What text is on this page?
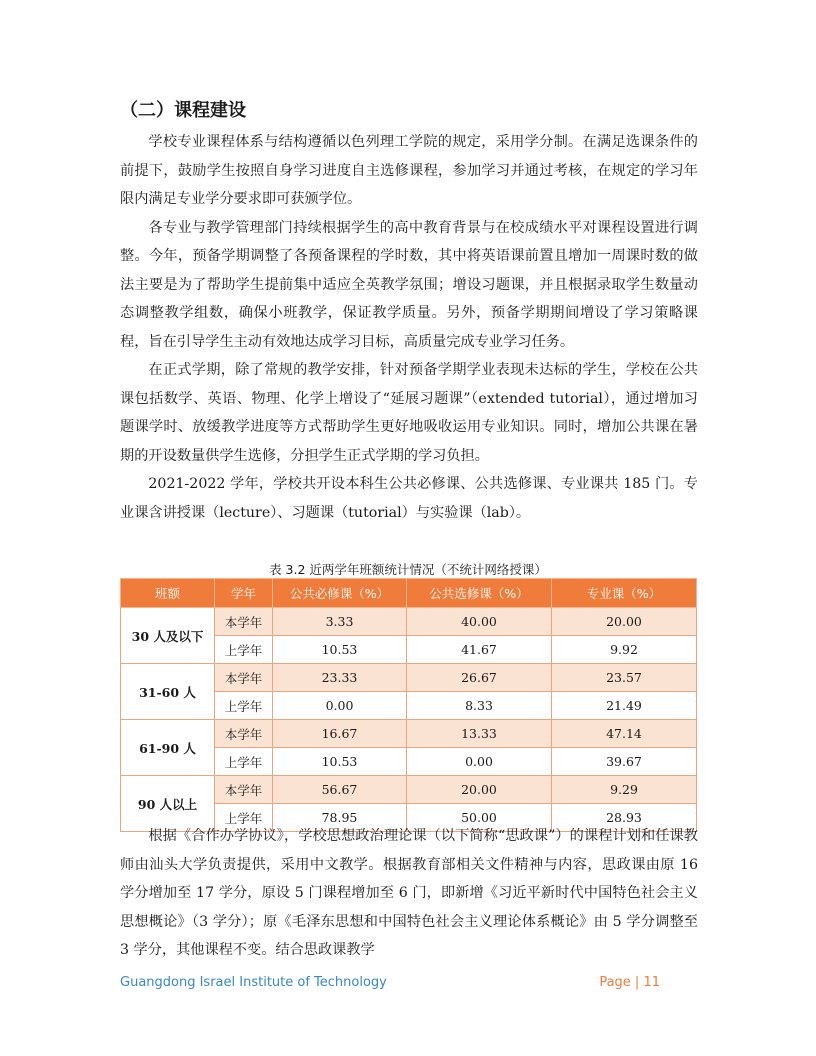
（二）课程建设

学校专业课程体系与结构遵循以色列理工学院的规定，采用学分制。在满足选课条件的前提下，鼓励学生按照自身学习进度自主选修课程，参加学习并通过考核，在规定的学习年限内满足专业学分要求即可获颁学位。

各专业与教学管理部门持续根据学生的高中教育背景与在校成绩水平对课程设置进行调整。今年，预备学期调整了各预备课程的学时数，其中将英语课前置且增加一周课时数的做法主要是为了帮助学生提前集中适应全英教学氛围；增设习题课，并且根据录取学生数量动态调整教学组数，确保小班教学，保证教学质量。另外，预备学期期间增设了学习策略课程，旨在引导学生主动有效地达成学习目标，高质量完成专业学习任务。

在正式学期，除了常规的教学安排，针对预备学期学业表现未达标的学生，学校在公共课包括数学、英语、物理、化学上增设了“延展习题课”（extended tutorial），通过增加习题课学时、放缓教学进度等方式帮助学生更好地吸收运用专业知识。同时，增加公共课在暑期的开设数量供学生选修，分担学生正式学期的学习负担。

2021-2022 学年，学校共开设本科生公共必修课、公共选修课、专业课共 185 门。专业课含讲授课（lecture）、习题课（tutorial）与实验课（lab）。

表 3.2 近两学年班额统计情况（不统计网络授课）
班额	学年	公共必修课（%）	公共选修课（%）	专业课（%）
30 人及以下	本学年	3.33	40.00	20.00
	上学年	10.53	41.67	9.92
31-60 人	本学年	23.33	26.67	23.57
	上学年	0.00	8.33	21.49
61-90 人	本学年	16.67	13.33	47.14
	上学年	10.53	0.00	39.67
90 人以上	本学年	56.67	20.00	9.29
	上学年	78.95	50.00	28.93

根据《合作办学协议》，学校思想政治理论课（以下简称“思政课”）的课程计划和任课教师由汕头大学负责提供，采用中文教学。根据教育部相关文件精神与内容，思政课由原 16 学分增加至 17 学分，原设 5 门课程增加至 6 门，即新增《习近平新时代中国特色社会主义思想概论》（3 学分）；原《毛泽东思想和中国特色社会主义理论体系概论》由 5 学分调整至 3 学分，其他课程不变。结合思政课教学

Guangdong Israel Institute of Technology	Page | 11
